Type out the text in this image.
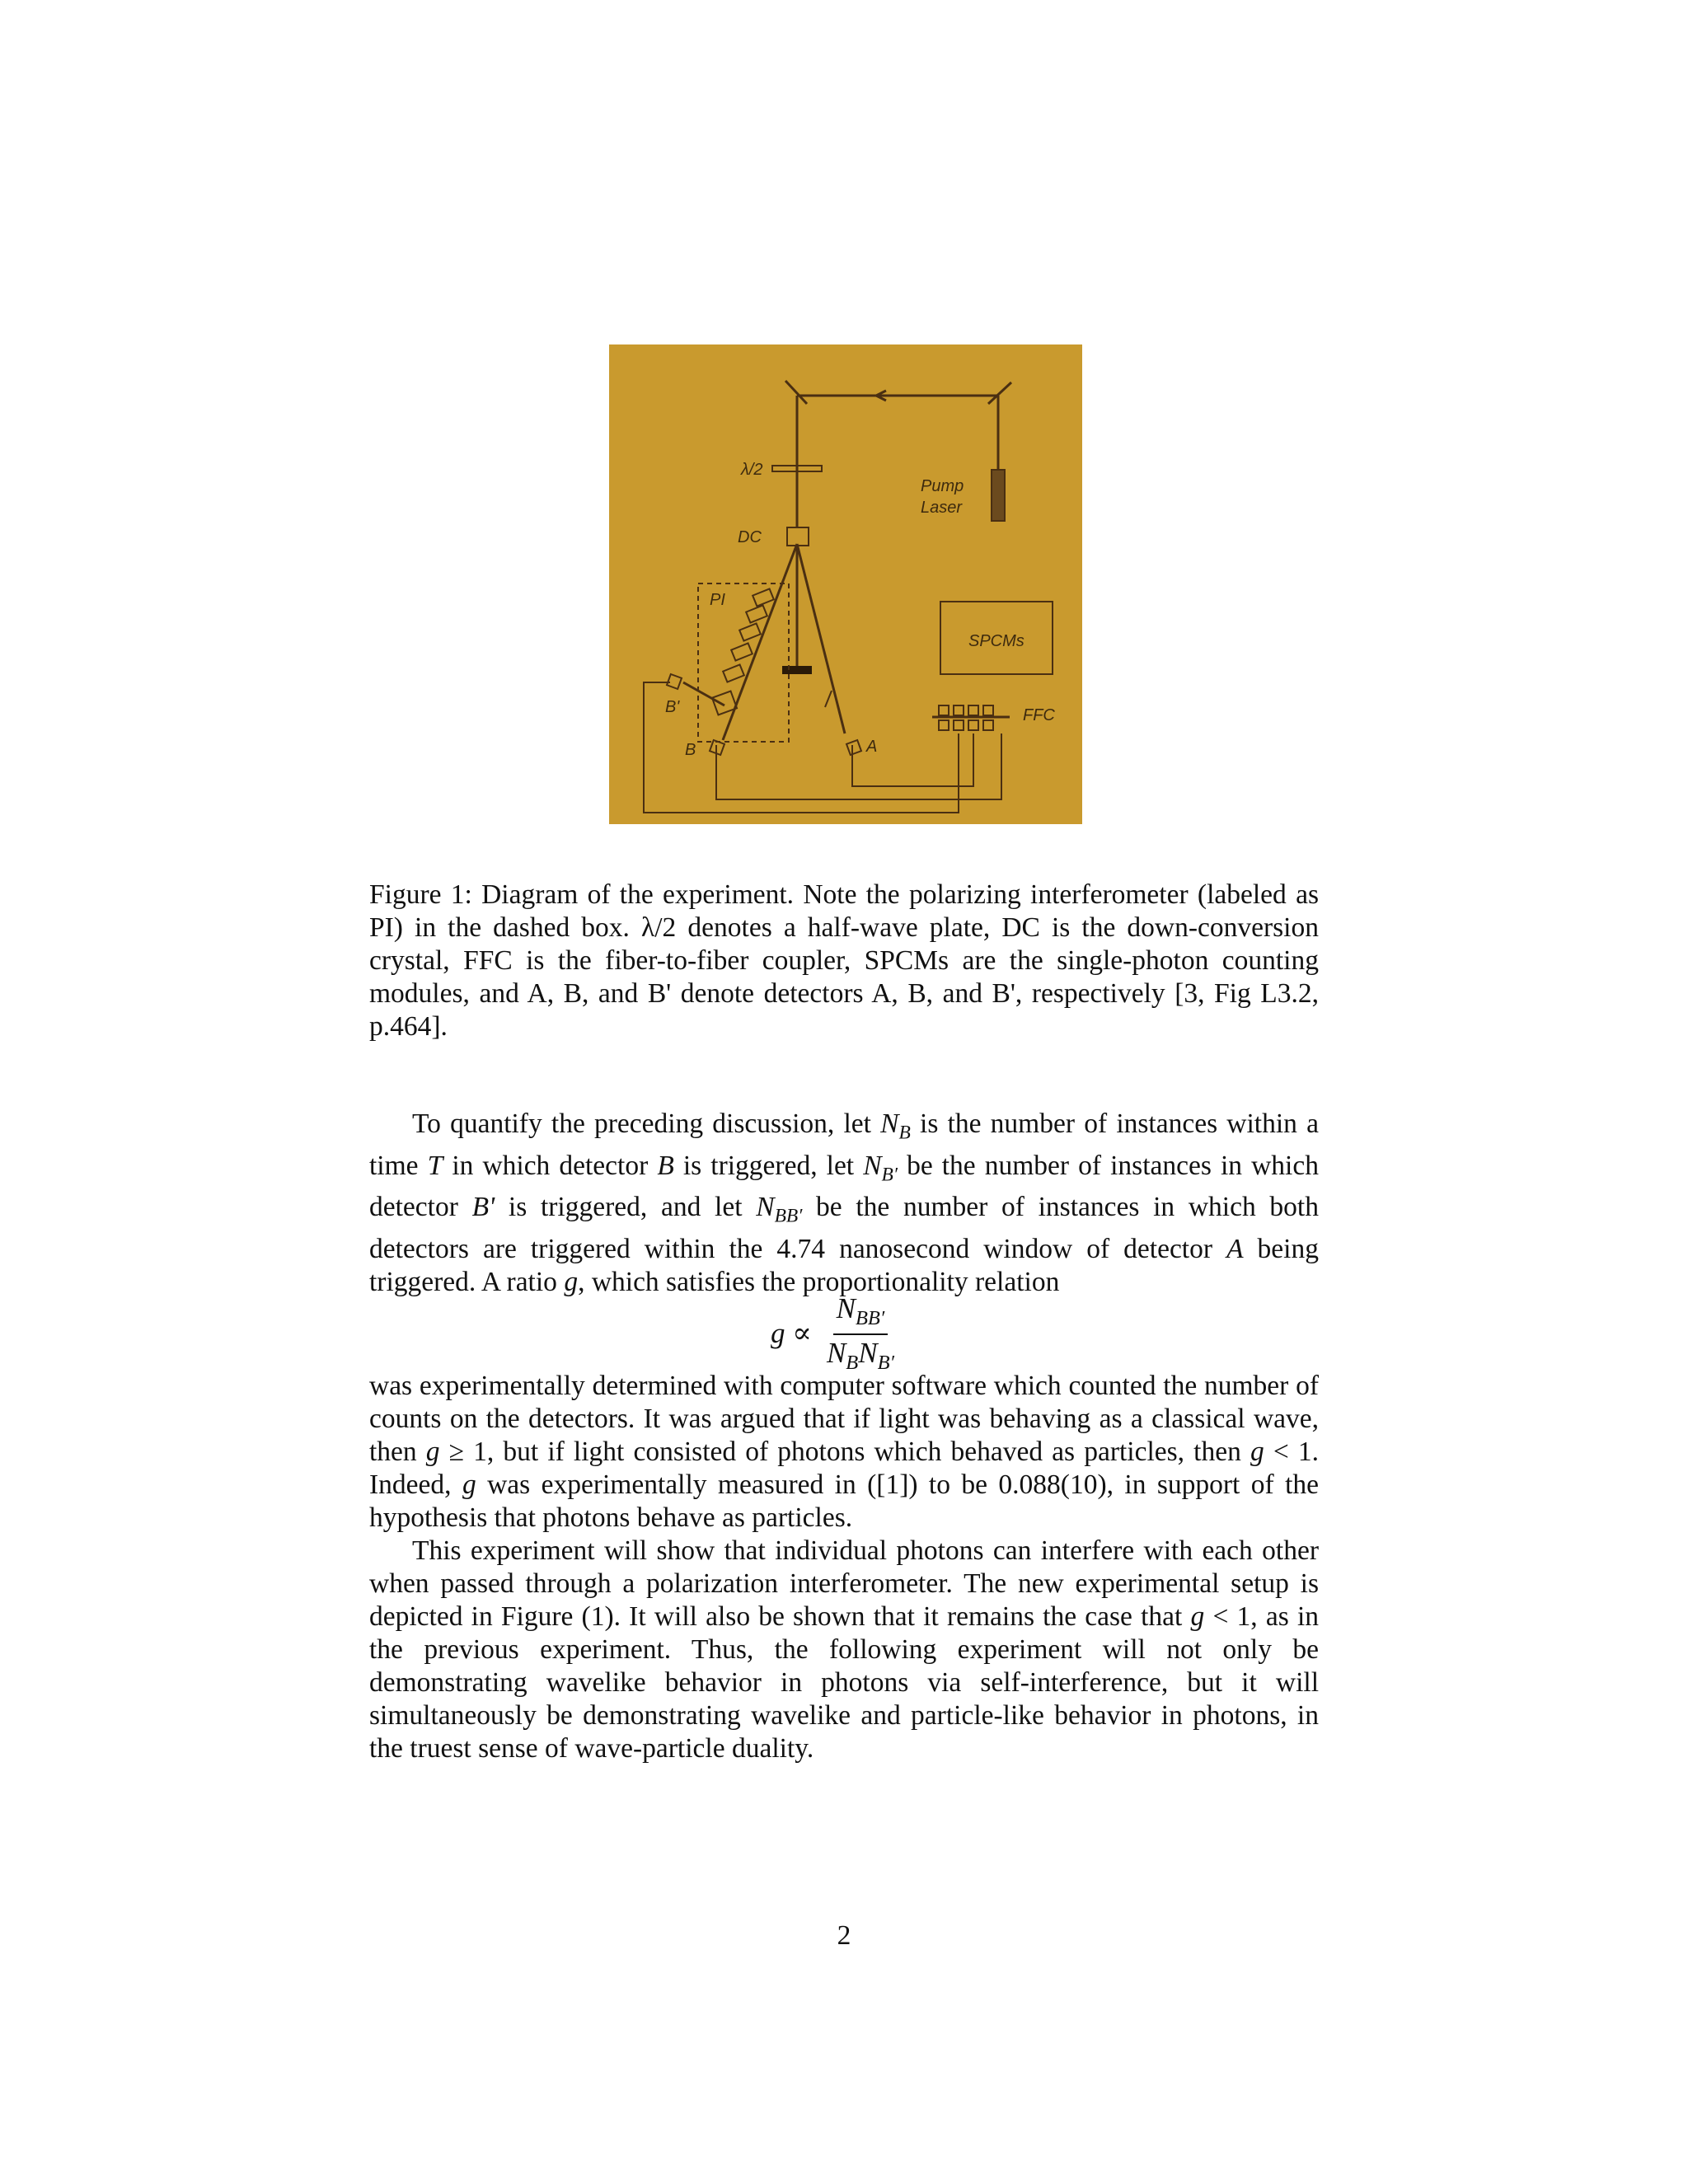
λ/2
Pump
Laser
DC
PI
SPCMs
FFC
B'
B	A
Figure 1: Diagram of the experiment. Note the polarizing interferometer (labeled as PI) in the dashed box. λ/2 denotes a half-wave plate, DC is the down-conversion crystal, FFC is the fiber-to-fiber coupler, SPCMs are the single-photon counting modules, and A, B, and B' denote detectors A, B, and B', respectively [3, Fig L3.2, p.464].
To quantify the preceding discussion, let $N_B$ is the number of instances within a time T in which detector B is triggered, let $N_{B'}$ be the number of instances in which detector B' is triggered, and let $N_{BB'}$ be the number of instances in which both detectors are triggered within the 4.74 nanosecond window of detector A being triggered. A ratio g, which satisfies the proportionality relation
$g \propto \frac{N_{BB'}}{N_BN_{B'}}$
was experimentally determined with computer software which counted the number of counts on the detectors. It was argued that if light was behaving as a classical wave, then g ≥ 1, but if light consisted of photons which behaved as particles, then g < 1. Indeed, g was experimentally measured in ([1]) to be 0.088(10), in support of the hypothesis that photons behave as particles.
This experiment will show that individual photons can interfere with each other when passed through a polarization interferometer. The new experimental setup is depicted in Figure (1). It will also be shown that it remains the case that g < 1, as in the previous experiment. Thus, the following experiment will not only be demonstrating wavelike behavior in photons via self-interference, but it will simultaneously be demonstrating wavelike and particle-like behavior in photons, in the truest sense of wave-particle duality.
2
